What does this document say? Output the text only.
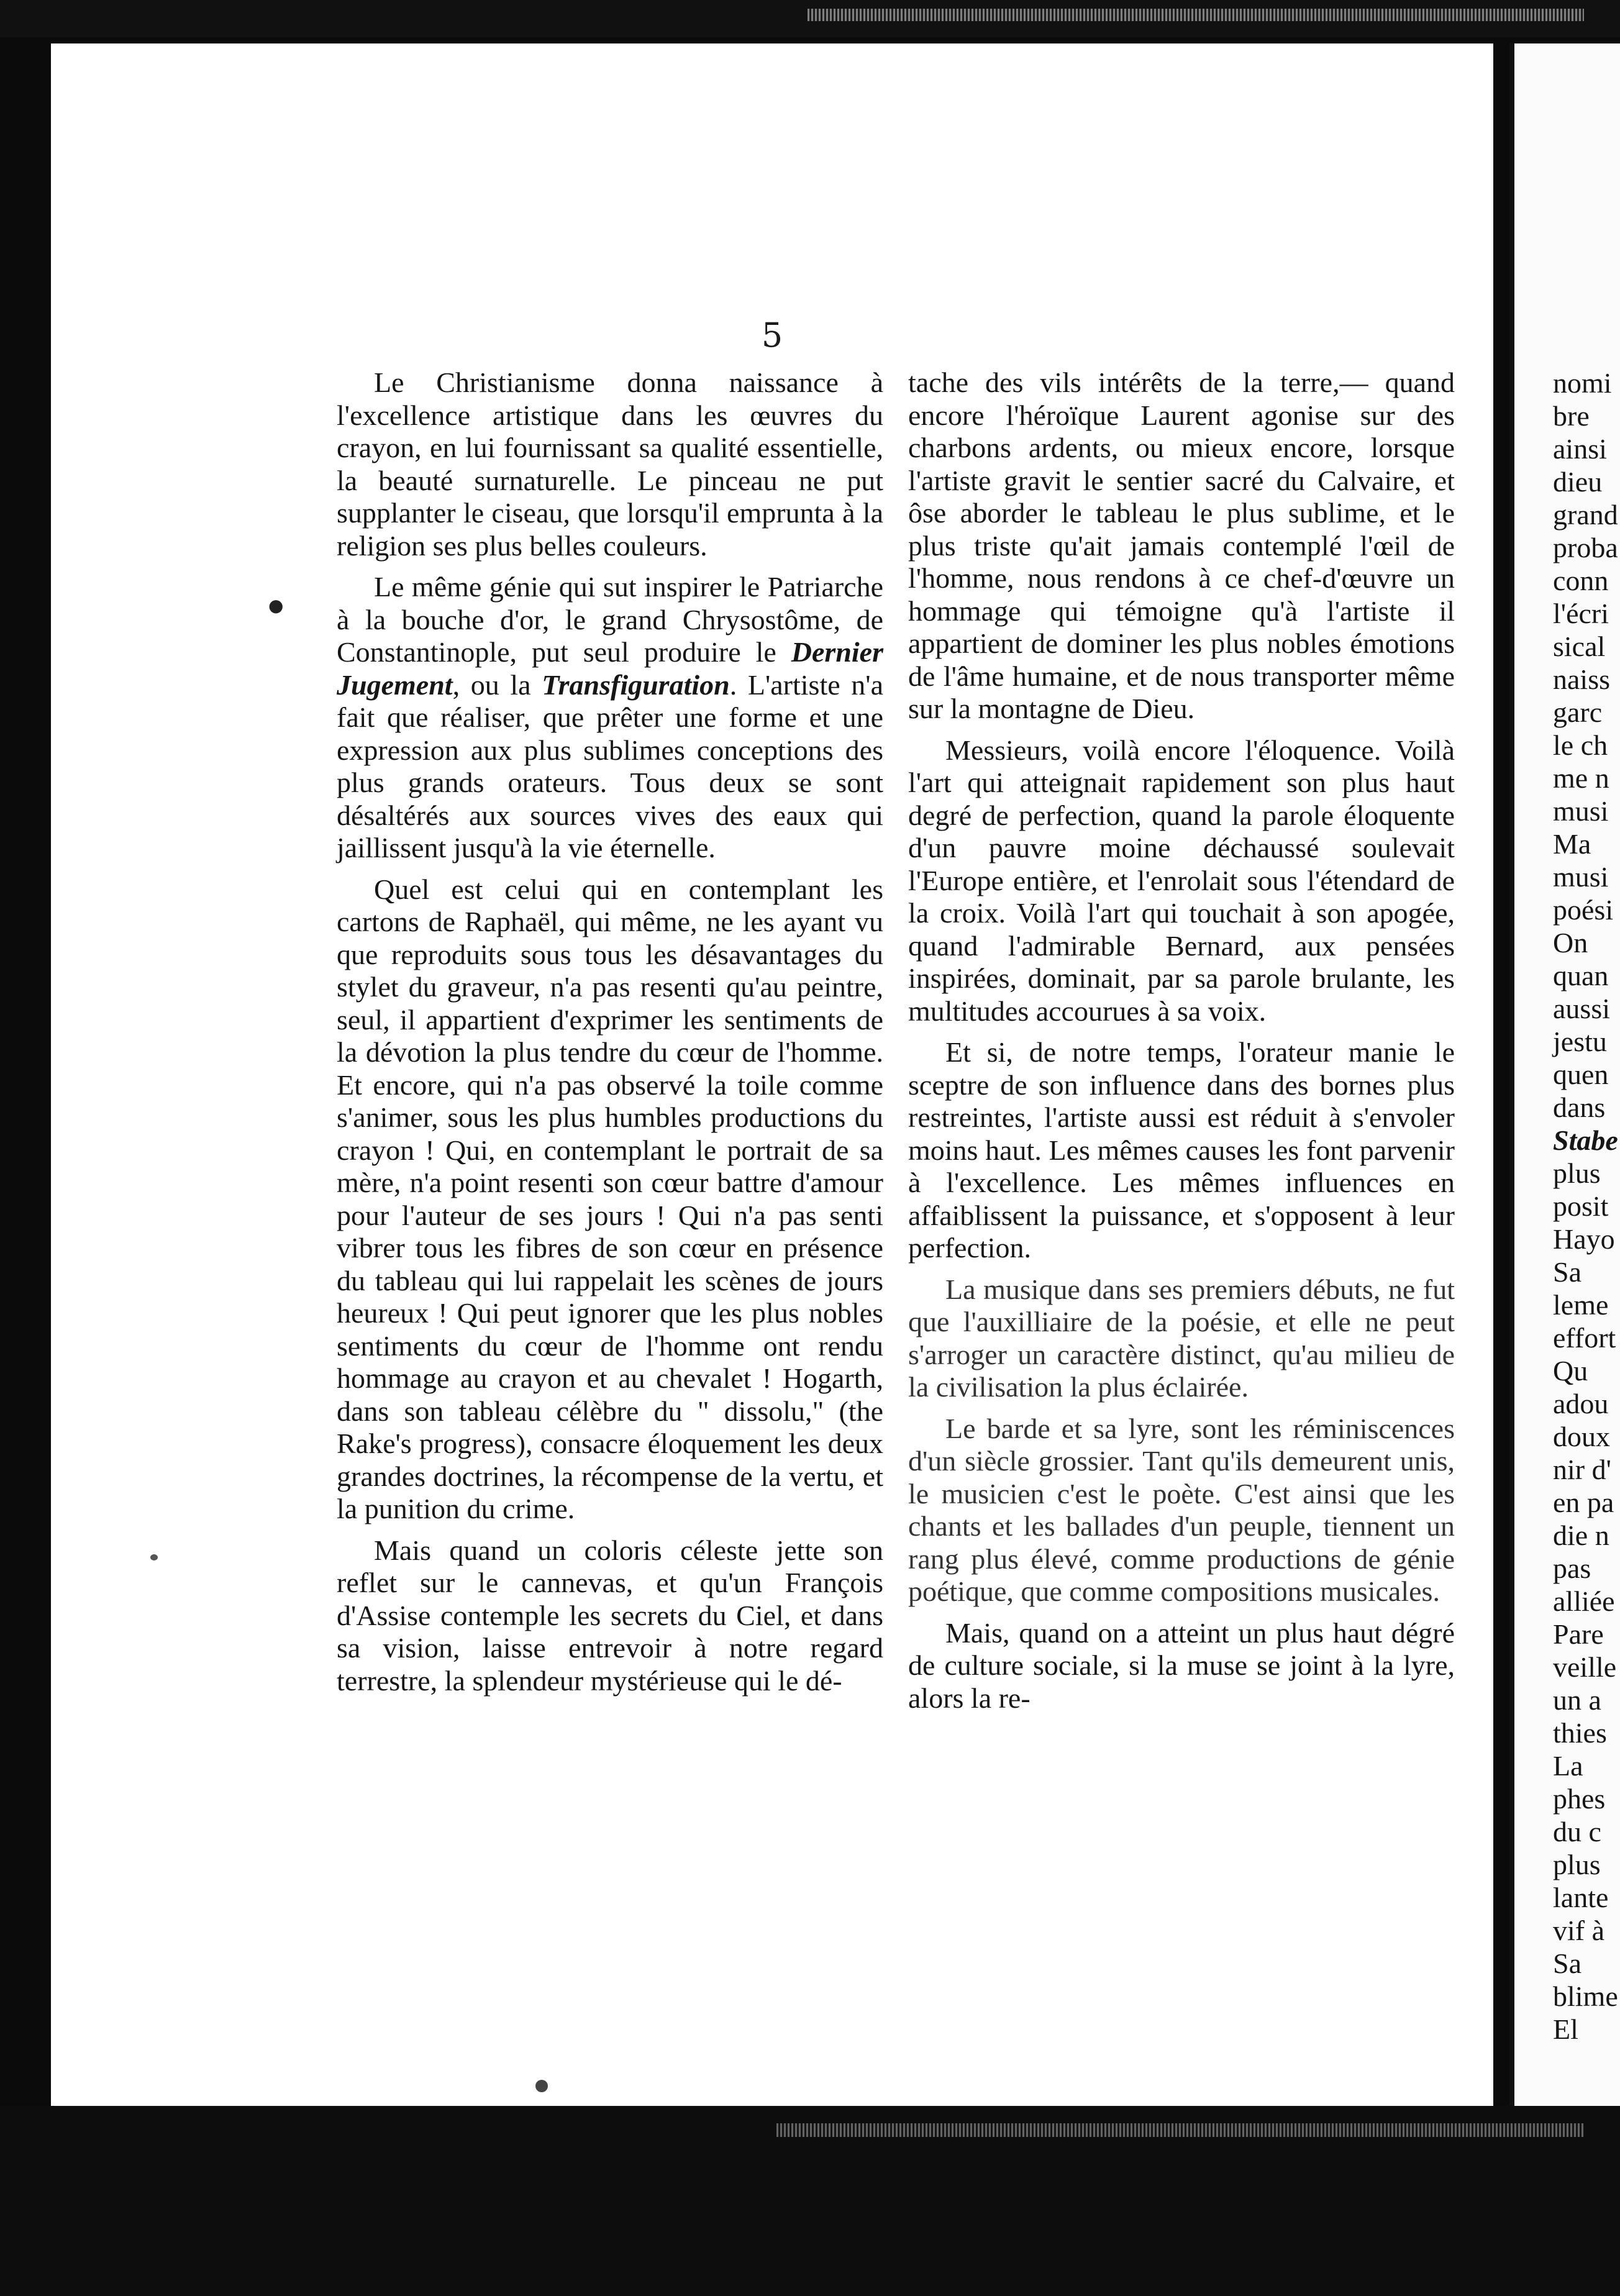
5
●

Le Christianisme donna naissance à l'excellence artistique dans les œuvres du crayon, en lui fournissant sa qualité essentielle, la beauté surnaturelle. Le pinceau ne put supplanter le ciseau, que lorsqu'il emprunta à la religion ses plus belles couleurs.

Le même génie qui sut inspirer le Patriarche à la bouche d'or, le grand Chrysostôme, de Constantinople, put seul produire le Dernier Jugement, ou la Transfiguration. L'artiste n'a fait que réaliser, que prêter une forme et une expression aux plus sublimes conceptions des plus grands orateurs. Tous deux se sont désaltérés aux sources vives des eaux qui jaillissent jusqu'à la vie éternelle.

Quel est celui qui en contemplant les cartons de Raphaël, qui même, ne les ayant vu que reproduits sous tous les désavantages du stylet du graveur, n'a pas resenti qu'au peintre, seul, il appartient d'exprimer les sentiments de la dévotion la plus tendre du cœur de l'homme. Et encore, qui n'a pas observé la toile comme s'animer, sous les plus humbles productions du crayon ! Qui, en contemplant le portrait de sa mère, n'a point resenti son cœur battre d'amour pour l'auteur de ses jours ! Qui n'a pas senti vibrer tous les fibres de son cœur en présence du tableau qui lui rappelait les scènes de jours heureux ! Qui peut ignorer que les plus nobles sentiments du cœur de l'homme ont rendu hommage au crayon et au chevalet ! Hogarth, dans son tableau célèbre du " dissolu," (the Rake's progress), consacre éloquement les deux grandes doctrines, la récompense de la vertu, et la punition du crime.

Mais quand un coloris céleste jette son reflet sur le cannevas, et qu'un François d'Assise contemple les secrets du Ciel, et dans sa vision, laisse entrevoir à notre regard terrestre, la splendeur mystérieuse qui le dé-

tache des vils intérêts de la terre,— quand encore l'héroïque Laurent agonise sur des charbons ardents, ou mieux encore, lorsque l'artiste gravit le sentier sacré du Calvaire, et ôse aborder le tableau le plus sublime, et le plus triste qu'ait jamais contemplé l'œil de l'homme, nous rendons à ce chef-d'œuvre un hommage qui témoigne qu'à l'artiste il appartient de dominer les plus nobles émotions de l'âme humaine, et de nous transporter même sur la montagne de Dieu.

Messieurs, voilà encore l'éloquence. Voilà l'art qui atteignait rapidement son plus haut degré de perfection, quand la parole éloquente d'un pauvre moine déchaussé soulevait l'Europe entière, et l'enrolait sous l'étendard de la croix. Voilà l'art qui touchait à son apogée, quand l'admirable Bernard, aux pensées inspirées, dominait, par sa parole brulante, les multitudes accourues à sa voix.

Et si, de notre temps, l'orateur manie le sceptre de son influence dans des bornes plus restreintes, l'artiste aussi est réduit à s'envoler moins haut. Les mêmes causes les font parvenir à l'excellence. Les mêmes influences en affaiblissent la puissance, et s'opposent à leur perfection.

La musique dans ses premiers débuts, ne fut que l'auxilliaire de la poésie, et elle ne peut s'arroger un caractère distinct, qu'au milieu de la civilisation la plus éclairée.

Le barde et sa lyre, sont les réminiscences d'un siècle grossier. Tant qu'ils demeurent unis, le musicien c'est le poète. C'est ainsi que les chants et les ballades d'un peuple, tiennent un rang plus élevé, comme productions de génie poétique, que comme compositions musicales.

Mais, quand on a atteint un plus haut dégré de culture sociale, si la muse se joint à la lyre, alors la re-

nomi
bre
ainsi
dieu
grand
proba
conn
l'écri
sical
naiss
garc
le ch
me n
musi
Ma
musi
poési
On
quan
aussi
jestu
quen
dans
Stabe
plus
posit
Hayo
Sa
leme
effort
Qu
adou
doux
nir d'
en pa
die n
pas
alliée
Pare
veille
un a
thies
La
phes
du c
plus
lante
vif à
Sa
blime
El
